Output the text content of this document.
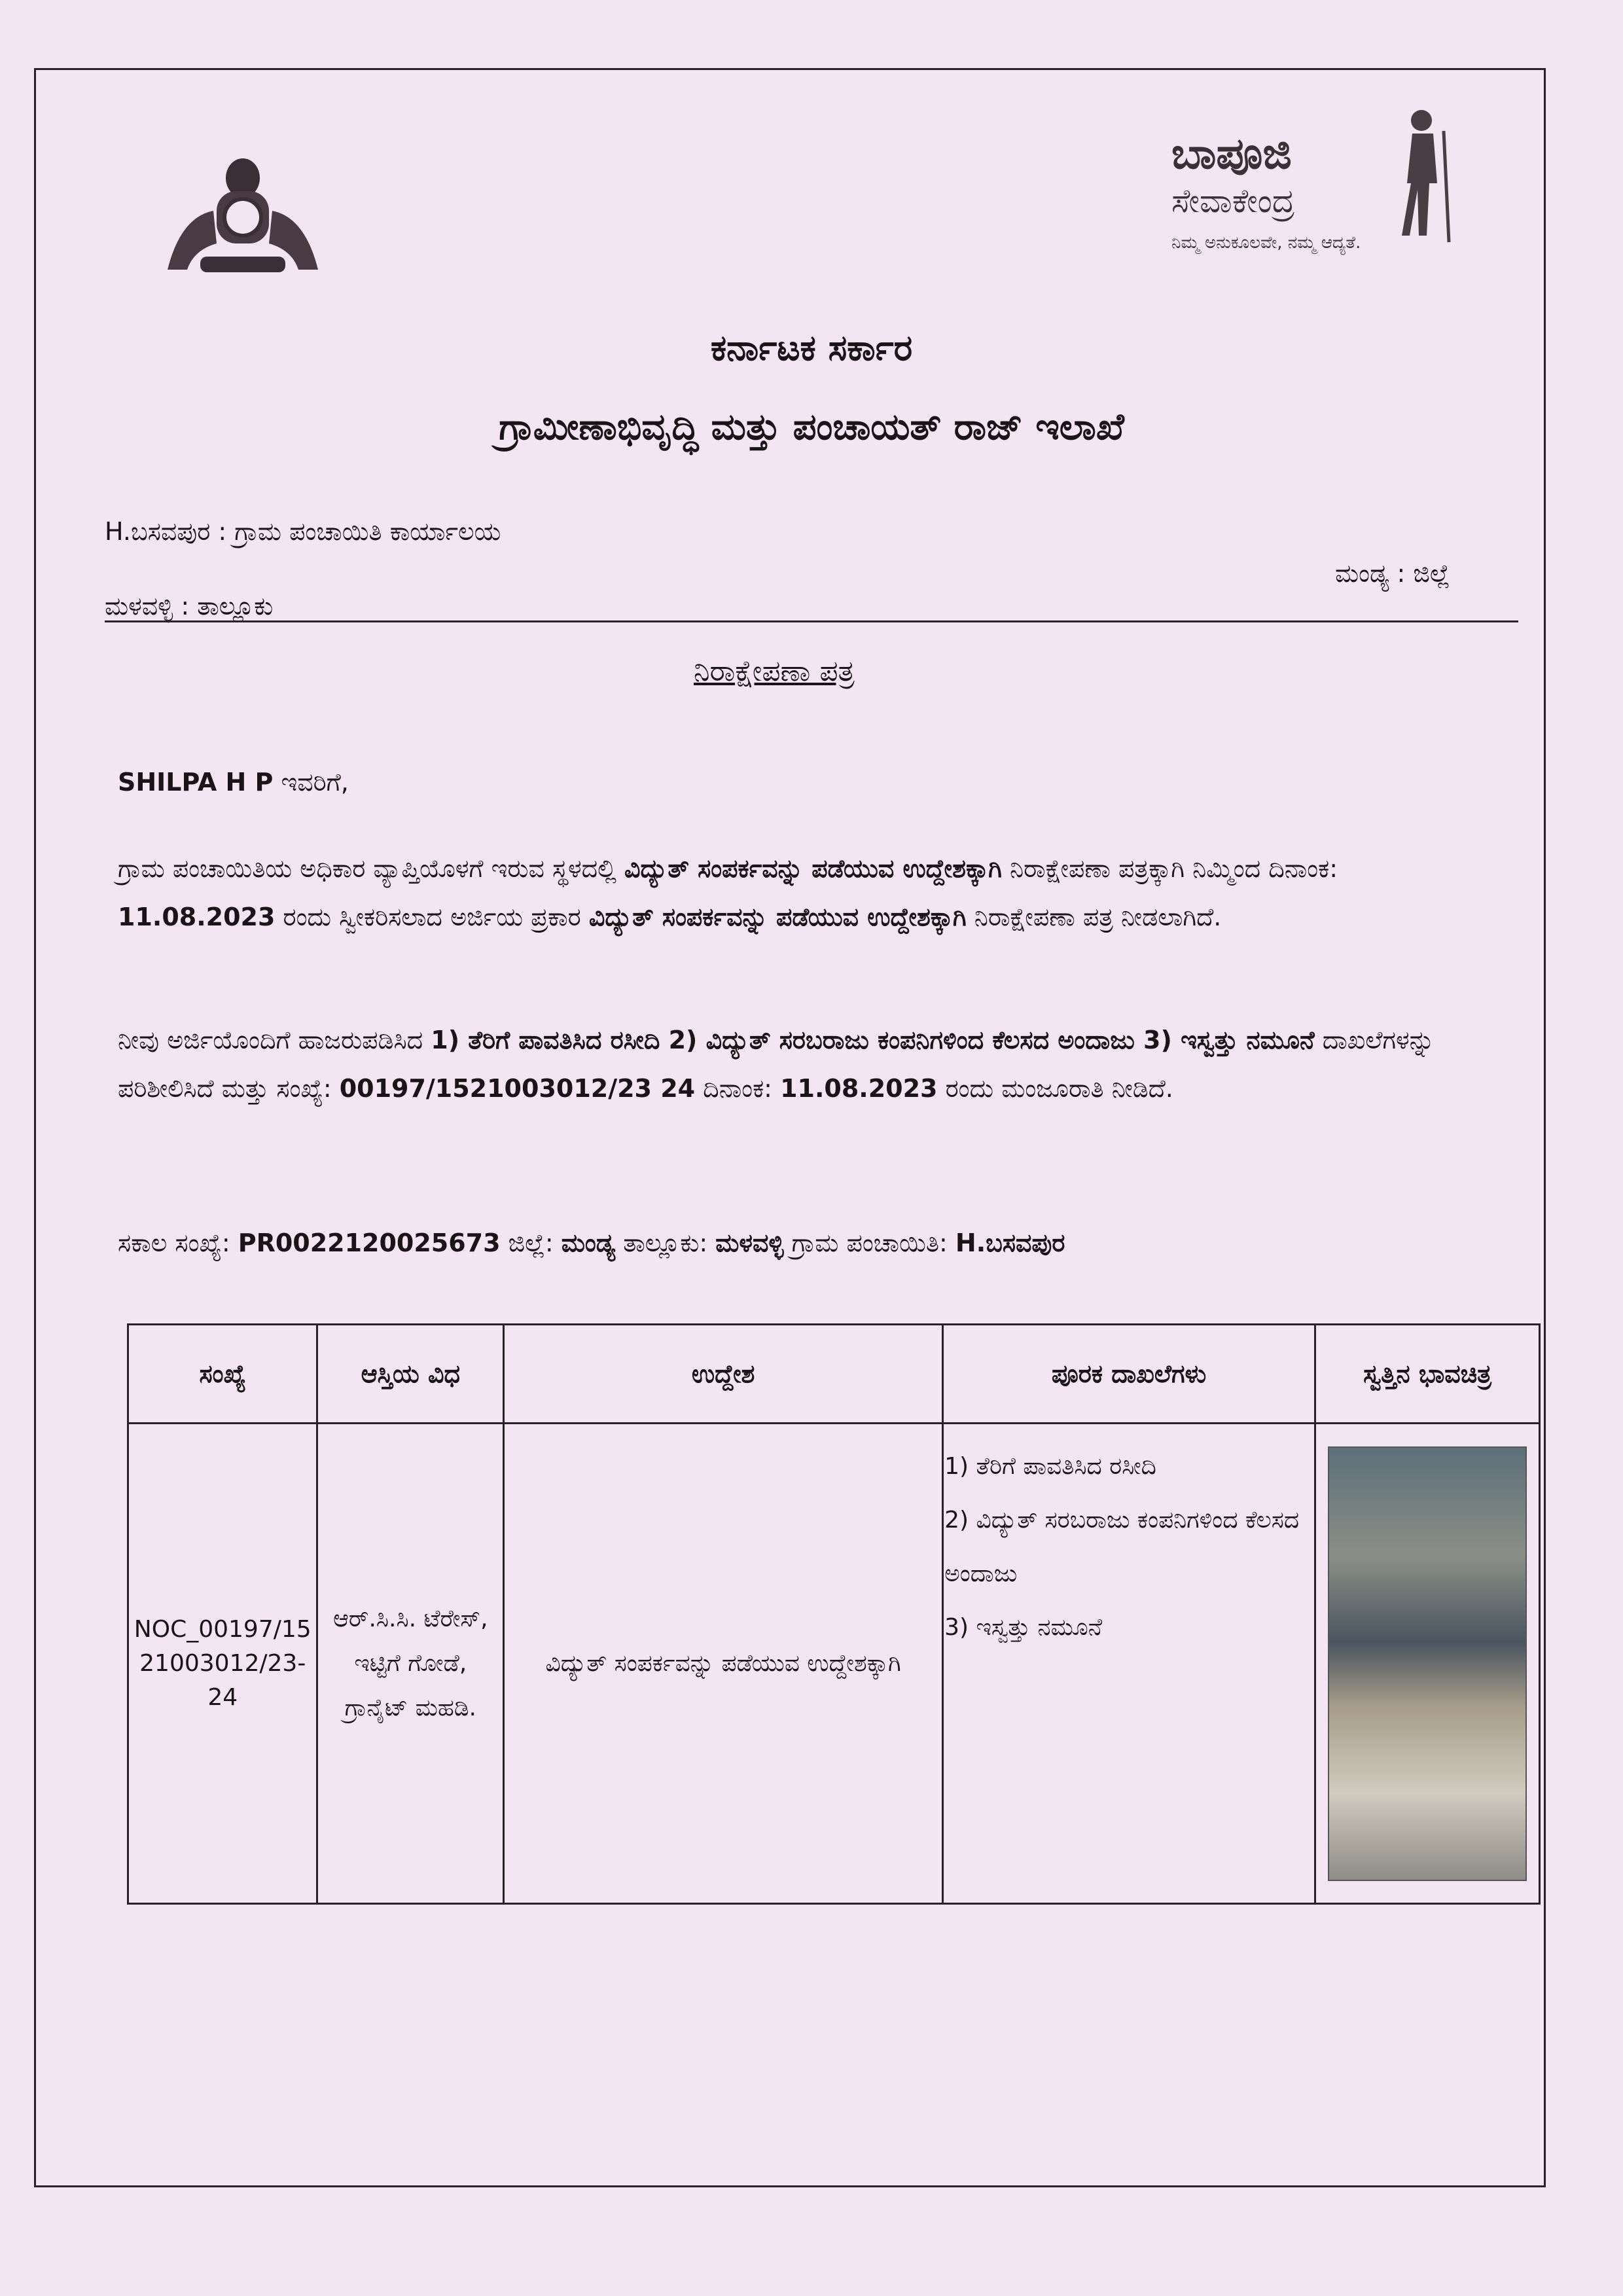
ಬಾಪೂಜಿ
ಸೇವಾಕೇಂದ್ರ
ನಿಮ್ಮ ಅನುಕೂಲವೇ, ನಮ್ಮ ಆದ್ಯತೆ.
ಕರ್ನಾಟಕ ಸರ್ಕಾರ
ಗ್ರಾಮೀಣಾಭಿವೃದ್ಧಿ ಮತ್ತು ಪಂಚಾಯತ್ ರಾಜ್ ಇಲಾಖೆ
H.ಬಸವಪುರ : ಗ್ರಾಮ ಪಂಚಾಯಿತಿ ಕಾರ್ಯಾಲಯ
ಮಂಡ್ಯ : ಜಿಲ್ಲೆ
ಮಳವಳ್ಳಿ : ತಾಲ್ಲೂಕು
ನಿರಾಕ್ಷೇಪಣಾ ಪತ್ರ
SHILPA H P ಇವರಿಗೆ,
ಗ್ರಾಮ ಪಂಚಾಯಿತಿಯ ಅಧಿಕಾರ ವ್ಯಾಪ್ತಿಯೊಳಗೆ ಇರುವ ಸ್ಥಳದಲ್ಲಿ ವಿದ್ಯುತ್ ಸಂಪರ್ಕವನ್ನು ಪಡೆಯುವ ಉದ್ದೇಶಕ್ಕಾಗಿ ನಿರಾಕ್ಷೇಪಣಾ ಪತ್ರಕ್ಕಾಗಿ ನಿಮ್ಮಿಂದ ದಿನಾಂಕ: 11.08.2023 ರಂದು ಸ್ವೀಕರಿಸಲಾದ ಅರ್ಜಿಯ ಪ್ರಕಾರ ವಿದ್ಯುತ್ ಸಂಪರ್ಕವನ್ನು ಪಡೆಯುವ ಉದ್ದೇಶಕ್ಕಾಗಿ ನಿರಾಕ್ಷೇಪಣಾ ಪತ್ರ ನೀಡಲಾಗಿದೆ.
ನೀವು ಅರ್ಜಿಯೊಂದಿಗೆ ಹಾಜರುಪಡಿಸಿದ 1) ತೆರಿಗೆ ಪಾವತಿಸಿದ ರಸೀದಿ 2) ವಿದ್ಯುತ್ ಸರಬರಾಜು ಕಂಪನಿಗಳಿಂದ ಕೆಲಸದ ಅಂದಾಜು 3) ಇಸ್ವತ್ತು ನಮೂನೆ ದಾಖಲೆಗಳನ್ನು ಪರಿಶೀಲಿಸಿದೆ ಮತ್ತು ಸಂಖ್ಯೆ: 00197/1521003012/23 24 ದಿನಾಂಕ: 11.08.2023 ರಂದು ಮಂಜೂರಾತಿ ನೀಡಿದೆ.
ಸಕಾಲ ಸಂಖ್ಯೆ: PR0022120025673 ಜಿಲ್ಲೆ: ಮಂಡ್ಯ ತಾಲ್ಲೂಕು: ಮಳವಳ್ಳಿ ಗ್ರಾಮ ಪಂಚಾಯಿತಿ: H.ಬಸವಪುರ
ಸಂಖ್ಯೆ	ಆಸ್ತಿಯ ವಿಧ	ಉದ್ದೇಶ	ಪೂರಕ ದಾಖಲೆಗಳು	ಸ್ವತ್ತಿನ ಭಾವಚಿತ್ರ
NOC_00197/1521003012/23-24	ಆರ್.ಸಿ.ಸಿ. ಟೆರೇಸ್, ಇಟ್ಟಿಗೆ ಗೋಡೆ, ಗ್ರಾನೈಟ್ ಮಹಡಿ.	ವಿದ್ಯುತ್ ಸಂಪರ್ಕವನ್ನು ಪಡೆಯುವ ಉದ್ದೇಶಕ್ಕಾಗಿ	1) ತೆರಿಗೆ ಪಾವತಿಸಿದ ರಸೀದಿ
2) ವಿದ್ಯುತ್ ಸರಬರಾಜು ಕಂಪನಿಗಳಿಂದ ಕೆಲಸದ ಅಂದಾಜು
3) ಇಸ್ವತ್ತು ನಮೂನೆ	
